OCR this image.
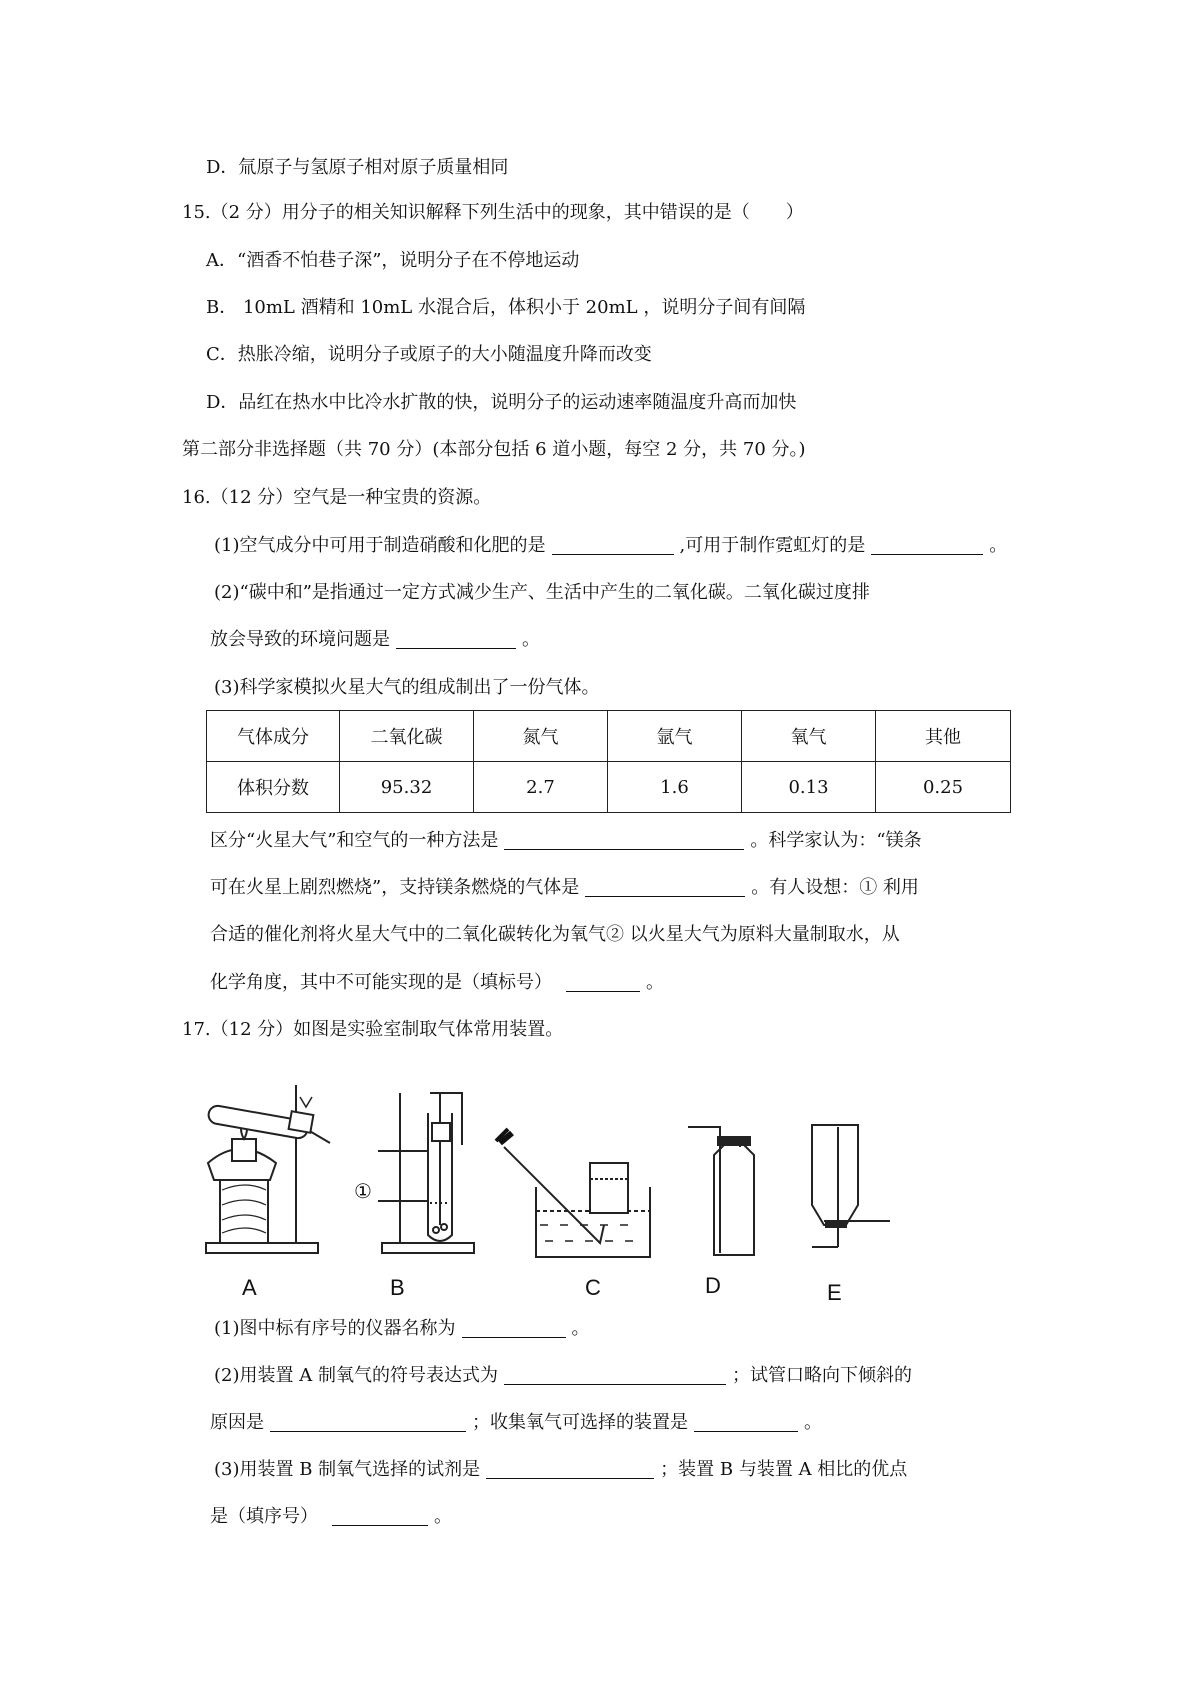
D．氚原子与氢原子相对原子质量相同
15.（2 分）用分子的相关知识解释下列生活中的现象，其中错误的是（　　）
A．“酒香不怕巷子深”，说明分子在不停地运动
B． 10mL 酒精和 10mL 水混合后，体积小于 20mL ，说明分子间有间隔
C．热胀冷缩，说明分子或原子的大小随温度升降而改变
D．品红在热水中比冷水扩散的快，说明分子的运动速率随温度升高而加快
第二部分非选择题（共 70 分）(本部分包括 6 道小题，每空 2 分，共 70 分。)
16.（12 分）空气是一种宝贵的资源。
(1)空气成分中可用于制造硝酸和化肥的是	,可用于制作霓虹灯的是	。
(2)“碳中和”是指通过一定方式减少生产、生活中产生的二氧化碳。二氧化碳过度排
放会导致的环境问题是	。
(3)科学家模拟火星大气的组成制出了一份气体。
气体成分	二氧化碳	氮气	氩气	氧气	其他
体积分数	95.32	2.7	1.6	0.13	0.25
区分“火星大气”和空气的一种方法是	。科学家认为：“镁条
可在火星上剧烈燃烧”，支持镁条燃烧的气体是	。有人设想：① 利用
合适的催化剂将火星大气中的二氧化碳转化为氧气② 以火星大气为原料大量制取水，从
化学角度，其中不可能实现的是（填标号）	。
17.（12 分）如图是实验室制取气体常用装置。
A	B	C	D	E
①
(1)图中标有序号的仪器名称为	。
(2)用装置 A 制氧气的符号表达式为	；试管口略向下倾斜的
原因是	；收集氧气可选择的装置是	。
(3)用装置 B 制氧气选择的试剂是	；装置 B 与装置 A 相比的优点
是（填序号）	。
